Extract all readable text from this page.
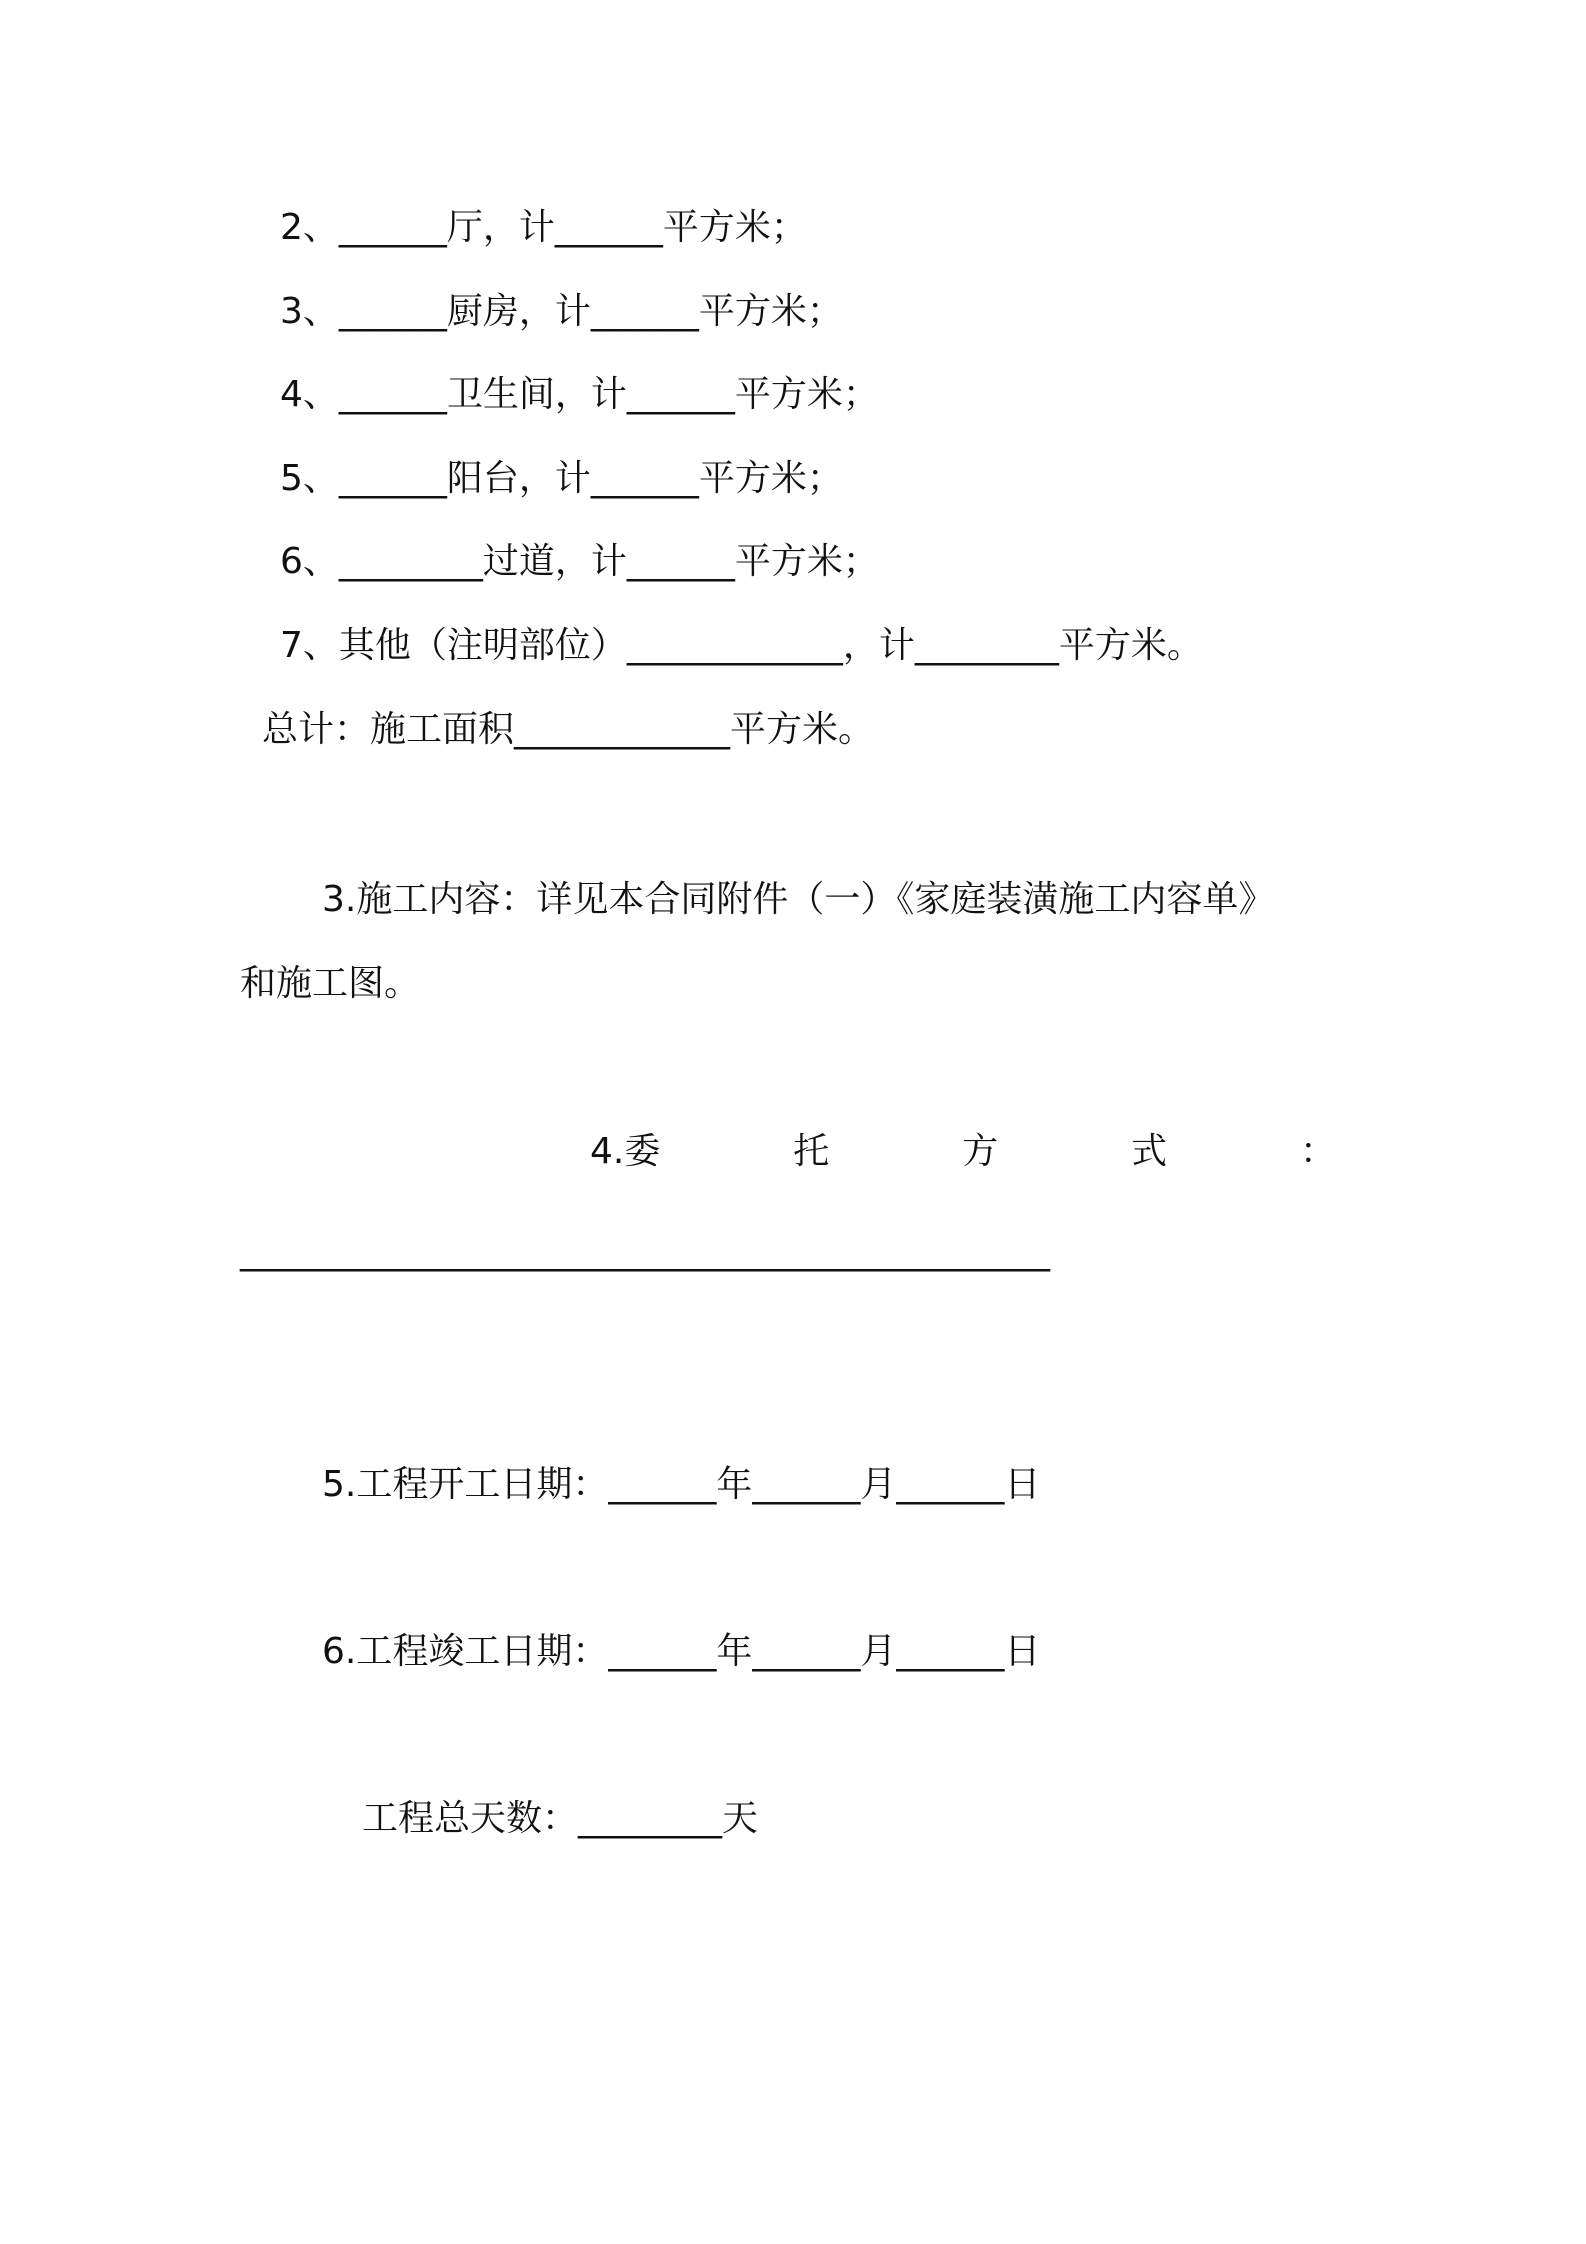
2、______厅，计______平方米；
3、______厨房，计______平方米；
4、______卫生间，计______平方米；
5、______阳台，计______平方米；
6、________过道，计______平方米；
7、其他（注明部位）____________，计________平方米。
总计：施工面积____________平方米。
3.施工内容：详见本合同附件（一）《家庭装潢施工内容单》
和施工图。
4.委	托	方	式	：
_____________________________________________
5.工程开工日期：______年______月______日
6.工程竣工日期：______年______月______日
工程总天数：________天
